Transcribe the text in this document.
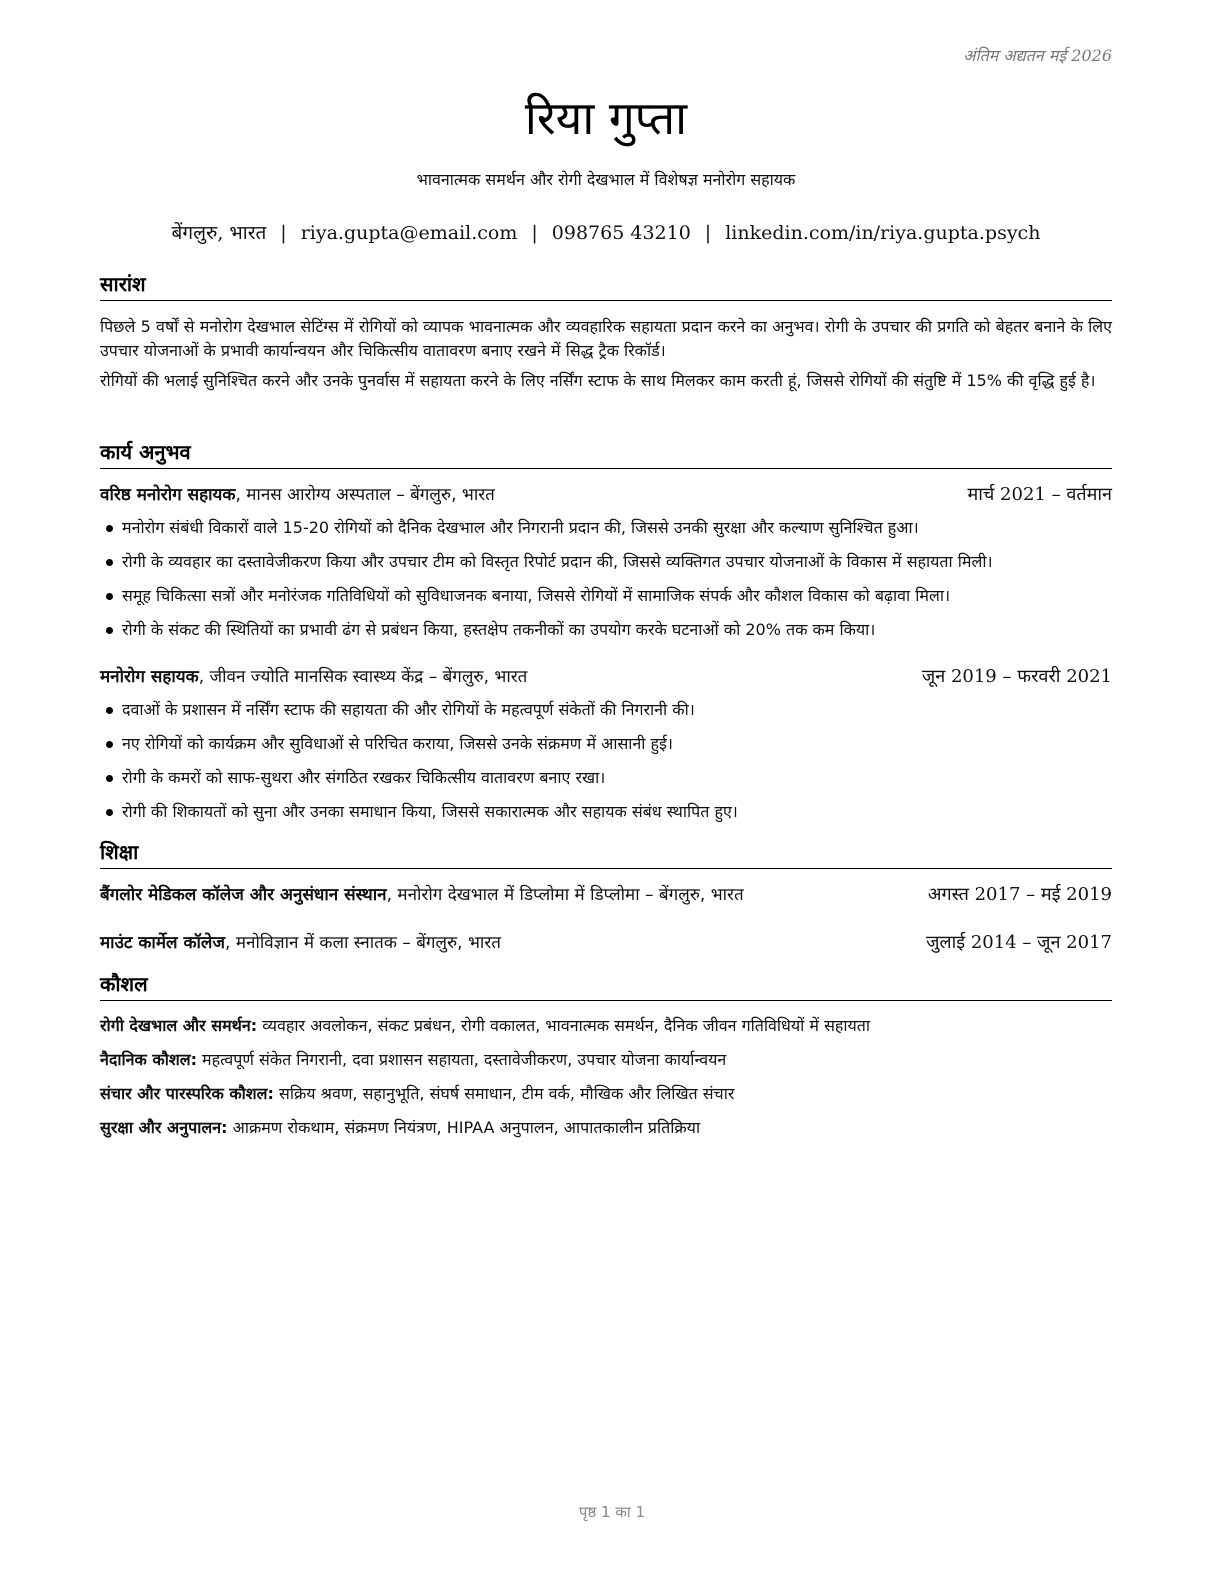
अंतिम अद्यतन मई 2026
रिया गुप्ता
भावनात्मक समर्थन और रोगी देखभाल में विशेषज्ञ मनोरोग सहायक
बेंगलुरु, भारत | riya.gupta@email.com | 098765 43210 | linkedin.com/in/riya.gupta.psych
सारांश

पिछले 5 वर्षों से मनोरोग देखभाल सेटिंग्स में रोगियों को व्यापक भावनात्मक और व्यवहारिक सहायता प्रदान करने का अनुभव। रोगी के उपचार की प्रगति को बेहतर बनाने के लिए उपचार योजनाओं के प्रभावी कार्यान्वयन और चिकित्सीय वातावरण बनाए रखने में सिद्ध ट्रैक रिकॉर्ड।

रोगियों की भलाई सुनिश्चित करने और उनके पुनर्वास में सहायता करने के लिए नर्सिंग स्टाफ के साथ मिलकर काम करती हूं, जिससे रोगियों की संतुष्टि में 15% की वृद्धि हुई है।

कार्य अनुभव
वरिष्ठ मनोरोग सहायक, मानस आरोग्य अस्पताल – बेंगलुरु, भारत	मार्च 2021 – वर्तमान
मनोरोग संबंधी विकारों वाले 15-20 रोगियों को दैनिक देखभाल और निगरानी प्रदान की, जिससे उनकी सुरक्षा और कल्याण सुनिश्चित हुआ।
रोगी के व्यवहार का दस्तावेजीकरण किया और उपचार टीम को विस्तृत रिपोर्ट प्रदान की, जिससे व्यक्तिगत उपचार योजनाओं के विकास में सहायता मिली।
समूह चिकित्सा सत्रों और मनोरंजक गतिविधियों को सुविधाजनक बनाया, जिससे रोगियों में सामाजिक संपर्क और कौशल विकास को बढ़ावा मिला।
रोगी के संकट की स्थितियों का प्रभावी ढंग से प्रबंधन किया, हस्तक्षेप तकनीकों का उपयोग करके घटनाओं को 20% तक कम किया।
मनोरोग सहायक, जीवन ज्योति मानसिक स्वास्थ्य केंद्र – बेंगलुरु, भारत	जून 2019 – फरवरी 2021
दवाओं के प्रशासन में नर्सिंग स्टाफ की सहायता की और रोगियों के महत्वपूर्ण संकेतों की निगरानी की।
नए रोगियों को कार्यक्रम और सुविधाओं से परिचित कराया, जिससे उनके संक्रमण में आसानी हुई।
रोगी के कमरों को साफ-सुथरा और संगठित रखकर चिकित्सीय वातावरण बनाए रखा।
रोगी की शिकायतों को सुना और उनका समाधान किया, जिससे सकारात्मक और सहायक संबंध स्थापित हुए।
शिक्षा
बैंगलोर मेडिकल कॉलेज और अनुसंधान संस्थान, मनोरोग देखभाल में डिप्लोमा में डिप्लोमा – बेंगलुरु, भारत	अगस्त 2017 – मई 2019
माउंट कार्मेल कॉलेज, मनोविज्ञान में कला स्नातक – बेंगलुरु, भारत	जुलाई 2014 – जून 2017
कौशल
रोगी देखभाल और समर्थन: व्यवहार अवलोकन, संकट प्रबंधन, रोगी वकालत, भावनात्मक समर्थन, दैनिक जीवन गतिविधियों में सहायता
नैदानिक कौशल: महत्वपूर्ण संकेत निगरानी, दवा प्रशासन सहायता, दस्तावेजीकरण, उपचार योजना कार्यान्वयन
संचार और पारस्परिक कौशल: सक्रिय श्रवण, सहानुभूति, संघर्ष समाधान, टीम वर्क, मौखिक और लिखित संचार
सुरक्षा और अनुपालन: आक्रमण रोकथाम, संक्रमण नियंत्रण, HIPAA अनुपालन, आपातकालीन प्रतिक्रिया
पृष्ठ 1 का 1
